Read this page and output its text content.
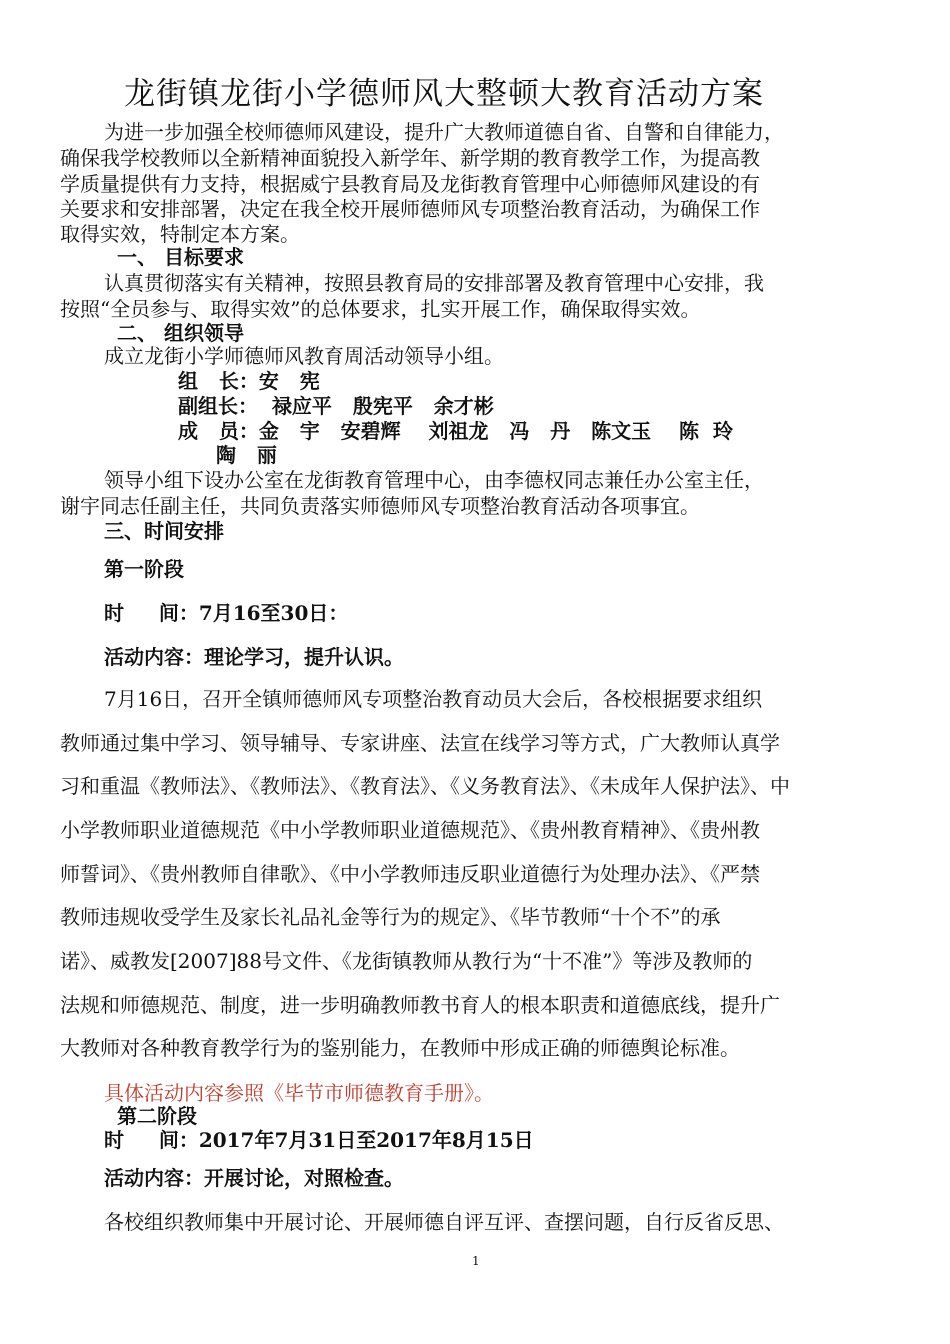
龙街镇龙街小学德师风大整顿大教育活动方案
为进一步加强全校师德师风建设，提升广大教师道德自省、自警和自律能力，
确保我学校教师以全新精神面貌投入新学年、新学期的教育教学工作，为提高教
学质量提供有力支持，根据威宁县教育局及龙街教育管理中心师德师风建设的有
关要求和安排部署，决定在我全校开展师德师风专项整治教育活动，为确保工作
取得实效，特制定本方案。
一、 目标要求
认真贯彻落实有关精神，按照县教育局的安排部署及教育管理中心安排，我
按照“全员参与、取得实效”的总体要求，扎实开展工作，确保取得实效。
二、 组织领导
成立龙街小学师德师风教育周活动领导小组。
组   长：安   宪
副组长：  禄应平   殷宪平   余才彬
成   员：金   宇   安碧辉    刘祖龙   冯   丹   陈文玉    陈  玲
陶   丽
领导小组下设办公室在龙街教育管理中心，由李德权同志兼任办公室主任，
谢宇同志任副主任，共同负责落实师德师风专项整治教育活动各项事宜。
三、时间安排
第一阶段
时     间：7月16至30日：
活动内容：理论学习，提升认识。
7月16日，召开全镇师德师风专项整治教育动员大会后，各校根据要求组织
教师通过集中学习、领导辅导、专家讲座、法宣在线学习等方式，广大教师认真学
习和重温《教师法》、《教师法》、《教育法》、《义务教育法》、《未成年人保护法》、中
小学教师职业道德规范《中小学教师职业道德规范》、《贵州教育精神》、《贵州教
师誓词》、《贵州教师自律歌》、《中小学教师违反职业道德行为处理办法》、《严禁
教师违规收受学生及家长礼品礼金等行为的规定》、《毕节教师“十个不”的承
诺》、威教发[2007]88号文件、《龙街镇教师从教行为“十不准”》等涉及教师的
法规和师德规范、制度，进一步明确教师教书育人的根本职责和道德底线，提升广
大教师对各种教育教学行为的鉴别能力，在教师中形成正确的师德舆论标准。
具体活动内容参照《毕节市师德教育手册》。
第二阶段
时     间：2017年7月31日至2017年8月15日
活动内容：开展讨论，对照检查。
各校组织教师集中开展讨论、开展师德自评互评、查摆问题，自行反省反思、
1
